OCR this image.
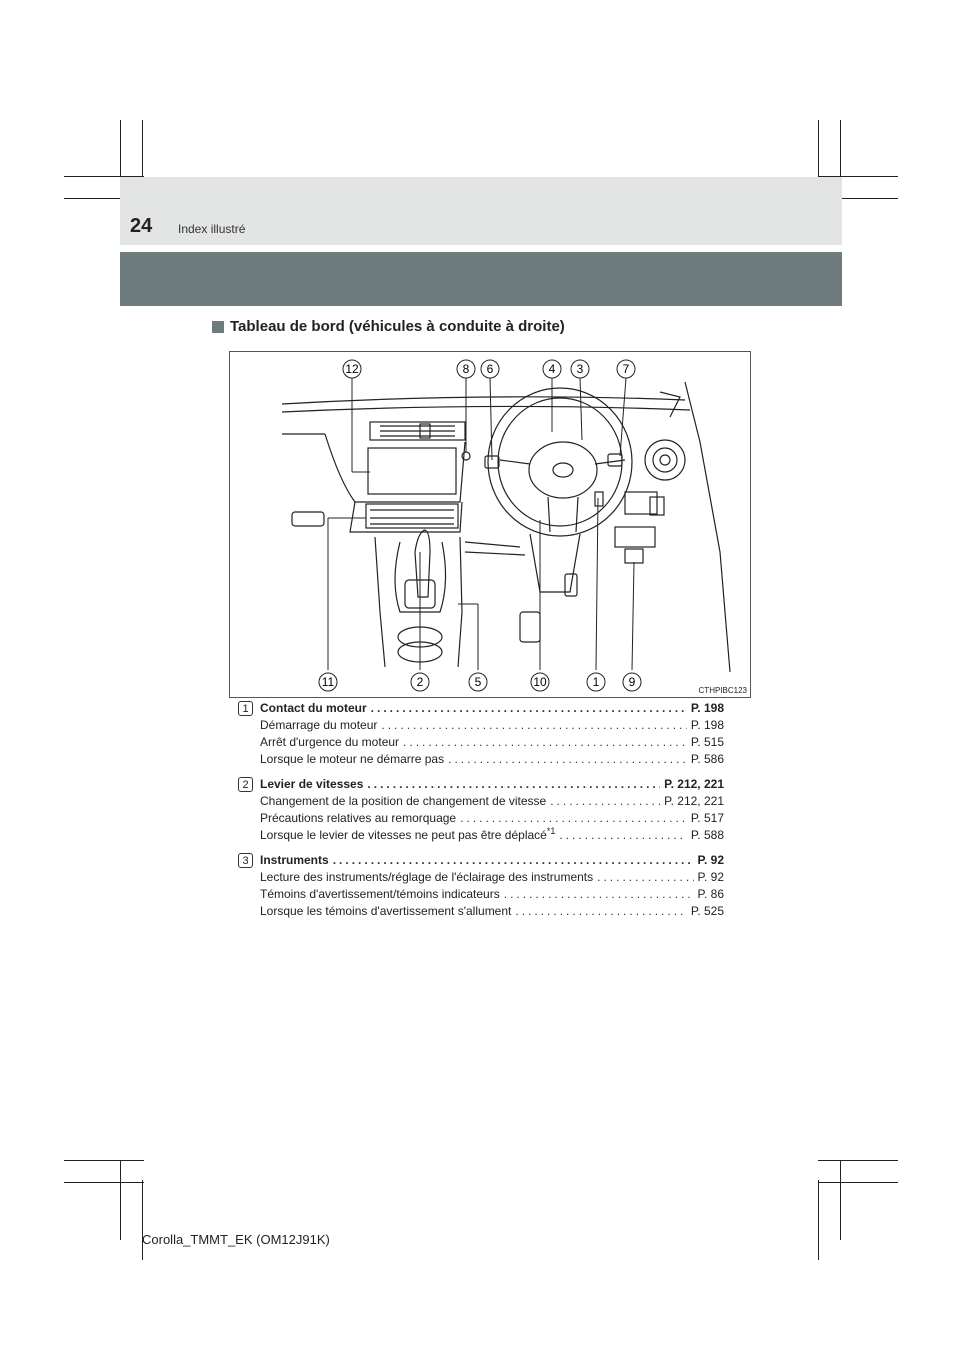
24 Index illustré
Tableau de bord (véhicules à conduite à droite)
12	8 6	4 3	7
11	2	5	10	1 9
CTHPIBC123
1 Contact du moteur .....	P. 198
Démarrage du moteur .....	P. 198
Arrêt d'urgence du moteur .....	P. 515
Lorsque le moteur ne démarre pas .....	P. 586
2 Levier de vitesses .....	P. 212, 221
Changement de la position de changement de vitesse .....	P. 212, 221
Précautions relatives au remorquage .....	P. 517
Lorsque le levier de vitesses ne peut pas être déplacé$^{*1}$ .....	P. 588
3 Instruments .....	P. 92
Lecture des instruments/réglage de l'éclairage des instruments .....	P. 92
Témoins d'avertissement/témoins indicateurs .....	P. 86
Lorsque les témoins d'avertissement s'allument .....	P. 525
Corolla_TMMT_EK (OM12J91K)
